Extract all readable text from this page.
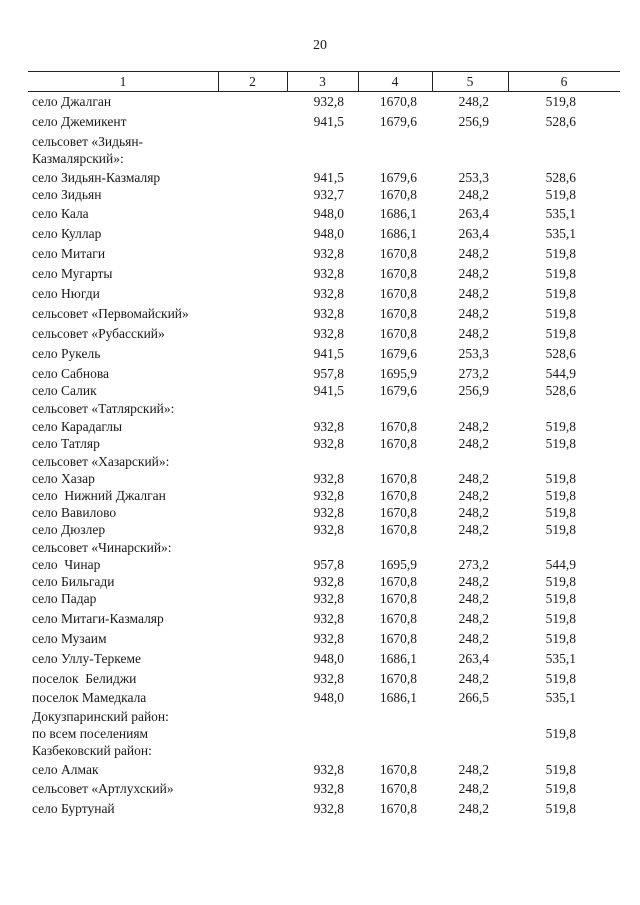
20
1	2	3	4	5	6
село Джалган	932,8	1670,8	248,2	519,8
село Джемикент	941,5	1679,6	256,9	528,6
сельсовет «Зидьян-
Казмалярский»:
село Зидьян-Казмаляр	941,5	1679,6	253,3	528,6
село Зидьян	932,7	1670,8	248,2	519,8
село Кала	948,0	1686,1	263,4	535,1
село Куллар	948,0	1686,1	263,4	535,1
село Митаги	932,8	1670,8	248,2	519,8
село Мугарты	932,8	1670,8	248,2	519,8
село Нюгди	932,8	1670,8	248,2	519,8
сельсовет «Первомайский»	932,8	1670,8	248,2	519,8
сельсовет «Рубасский»	932,8	1670,8	248,2	519,8
село Рукель	941,5	1679,6	253,3	528,6
село Сабнова	957,8	1695,9	273,2	544,9
село Салик	941,5	1679,6	256,9	528,6
сельсовет «Татлярский»:
село Карадаглы	932,8	1670,8	248,2	519,8
село Татляр	932,8	1670,8	248,2	519,8
сельсовет «Хазарский»:
село Хазар	932,8	1670,8	248,2	519,8
село  Нижний Джалган	932,8	1670,8	248,2	519,8
село Вавилово	932,8	1670,8	248,2	519,8
село Дюзлер	932,8	1670,8	248,2	519,8
сельсовет «Чинарский»:
село  Чинар	957,8	1695,9	273,2	544,9
село Бильгади	932,8	1670,8	248,2	519,8
село Падар	932,8	1670,8	248,2	519,8
село Митаги-Казмаляр	932,8	1670,8	248,2	519,8
село Музаим	932,8	1670,8	248,2	519,8
село Уллу-Теркеме	948,0	1686,1	263,4	535,1
поселок  Белиджи	932,8	1670,8	248,2	519,8
поселок Мамедкала	948,0	1686,1	266,5	535,1
Докузпаринский район:
по всем поселениям	519,8
Казбековский район:
село Алмак	932,8	1670,8	248,2	519,8
сельсовет «Артлухский»	932,8	1670,8	248,2	519,8
село Буртунай	932,8	1670,8	248,2	519,8
